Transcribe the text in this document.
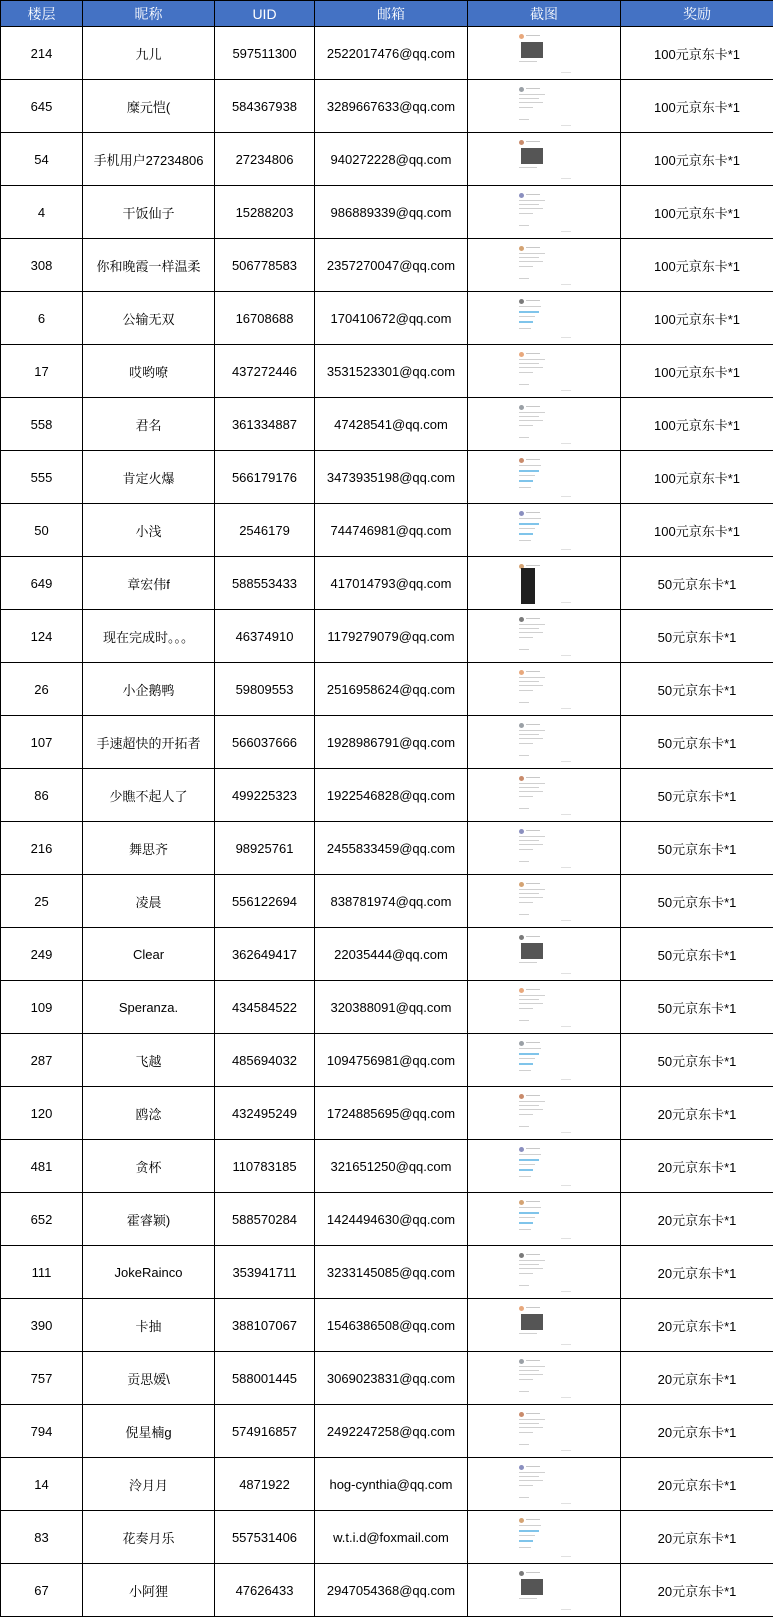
楼层	昵称	UID	邮箱	截图	奖励
214	九儿	597511300	2522017476@qq.com		100元京东卡*1
645	糜元恺(	584367938	3289667633@qq.com		100元京东卡*1
54	手机用户27234806	27234806	940272228@qq.com		100元京东卡*1
4	干饭仙子	15288203	986889339@qq.com		100元京东卡*1
308	你和晚霞一样温柔	506778583	2357270047@qq.com		100元京东卡*1
6	公输无双	16708688	170410672@qq.com		100元京东卡*1
17	哎哟嘹	437272446	3531523301@qq.com		100元京东卡*1
558	君名	361334887	47428541@qq.com		100元京东卡*1
555	肯定火爆	566179176	3473935198@qq.com		100元京东卡*1
50	小浅	2546179	744746981@qq.com		100元京东卡*1
649	章宏伟f	588553433	417014793@qq.com		50元京东卡*1
124	现在完成时。。。	46374910	1179279079@qq.com		50元京东卡*1
26	小企鹅鸭	59809553	2516958624@qq.com		50元京东卡*1
107	手速超快的开拓者	566037666	1928986791@qq.com		50元京东卡*1
86	少瞧不起人了	499225323	1922546828@qq.com		50元京东卡*1
216	舞思齐	98925761	2455833459@qq.com		50元京东卡*1
25	凌晨	556122694	838781974@qq.com		50元京东卡*1
249	Clear	362649417	22035444@qq.com		50元京东卡*1
109	Speranza.	434584522	320388091@qq.com		50元京东卡*1
287	飞越	485694032	1094756981@qq.com		50元京东卡*1
120	鸥淰	432495249	1724885695@qq.com		20元京东卡*1
481	贪杯	110783185	321651250@qq.com		20元京东卡*1
652	霍睿颖)	588570284	1424494630@qq.com		20元京东卡*1
111	JokeRainco	353941711	3233145085@qq.com		20元京东卡*1
390	卡抽	388107067	1546386508@qq.com		20元京东卡*1
757	贡思媛\	588001445	3069023831@qq.com		20元京东卡*1
794	倪星楠g	574916857	2492247258@qq.com		20元京东卡*1
14	泠月月	4871922	hog-cynthia@qq.com		20元京东卡*1
83	花奏月乐	557531406	w.t.i.d@foxmail.com		20元京东卡*1
67	小阿狸	47626433	2947054368@qq.com		20元京东卡*1
